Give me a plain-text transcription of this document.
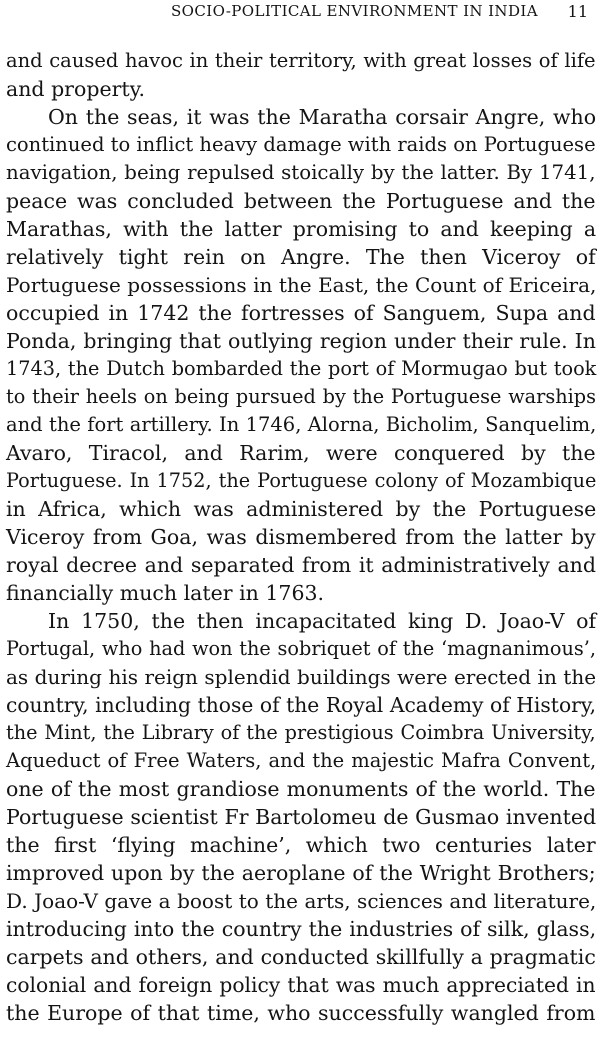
SOCIO-POLITICAL ENVIRONMENT IN INDIA 11
and caused havoc in their territory, with great losses of life
and property.
On the seas, it was the Maratha corsair Angre, who
continued to inflict heavy damage with raids on Portuguese
navigation, being repulsed stoically by the latter. By 1741,
peace was concluded between the Portuguese and the
Marathas, with the latter promising to and keeping a
relatively tight rein on Angre. The then Viceroy of
Portuguese possessions in the East, the Count of Ericeira,
occupied in 1742 the fortresses of Sanguem, Supa and
Ponda, bringing that outlying region under their rule. In
1743, the Dutch bombarded the port of Mormugao but took
to their heels on being pursued by the Portuguese warships
and the fort artillery. In 1746, Alorna, Bicholim, Sanquelim,
Avaro, Tiracol, and Rarim, were conquered by the
Portuguese. In 1752, the Portuguese colony of Mozambique
in Africa, which was administered by the Portuguese
Viceroy from Goa, was dismembered from the latter by
royal decree and separated from it administratively and
financially much later in 1763.
In 1750, the then incapacitated king D. Joao-V of
Portugal, who had won the sobriquet of the ‘magnanimous’,
as during his reign splendid buildings were erected in the
country, including those of the Royal Academy of History,
the Mint, the Library of the prestigious Coimbra University,
Aqueduct of Free Waters, and the majestic Mafra Convent,
one of the most grandiose monuments of the world. The
Portuguese scientist Fr Bartolomeu de Gusmao invented
the first ‘flying machine’, which two centuries later
improved upon by the aeroplane of the Wright Brothers;
D. Joao-V gave a boost to the arts, sciences and literature,
introducing into the country the industries of silk, glass,
carpets and others, and conducted skillfully a pragmatic
colonial and foreign policy that was much appreciated in
the Europe of that time, who successfully wangled from
